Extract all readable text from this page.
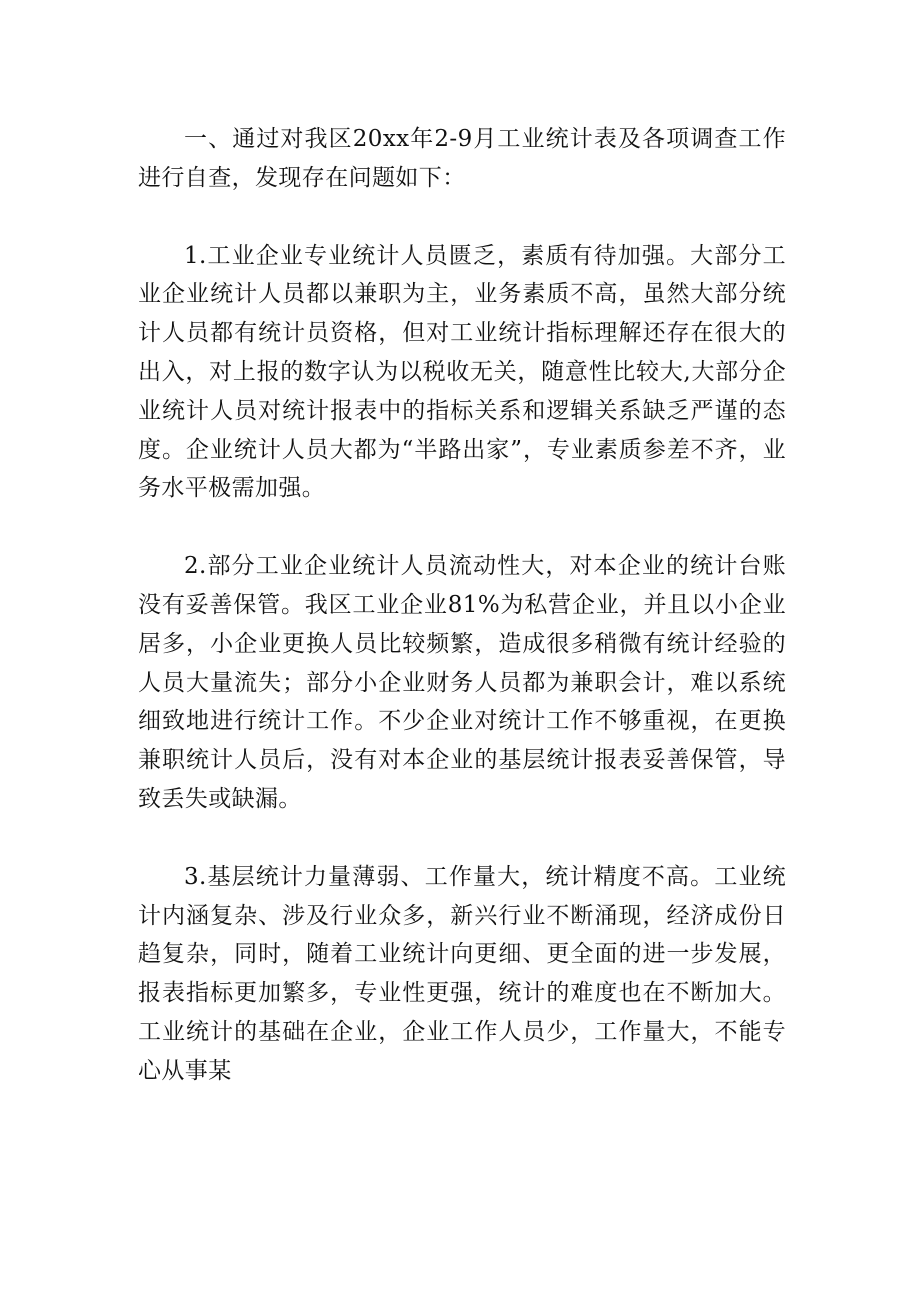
一、通过对我区20xx年2-9月工业统计表及各项调查工作进行自查，发现存在问题如下：

1.工业企业专业统计人员匮乏，素质有待加强。大部分工业企业统计人员都以兼职为主，业务素质不高，虽然大部分统计人员都有统计员资格，但对工业统计指标理解还存在很大的出入，对上报的数字认为以税收无关，随意性比较大,大部分企业统计人员对统计报表中的指标关系和逻辑关系缺乏严谨的态度。企业统计人员大都为“半路出家”，专业素质参差不齐，业务水平极需加强。

2.部分工业企业统计人员流动性大，对本企业的统计台账没有妥善保管。我区工业企业81%为私营企业，并且以小企业居多，小企业更换人员比较频繁，造成很多稍微有统计经验的人员大量流失；部分小企业财务人员都为兼职会计，难以系统细致地进行统计工作。不少企业对统计工作不够重视，在更换兼职统计人员后，没有对本企业的基层统计报表妥善保管，导致丢失或缺漏。

3.基层统计力量薄弱、工作量大，统计精度不高。工业统计内涵复杂、涉及行业众多，新兴行业不断涌现，经济成份日趋复杂，同时，随着工业统计向更细、更全面的进一步发展，报表指标更加繁多，专业性更强，统计的难度也在不断加大。工业统计的基础在企业，企业工作人员少，工作量大，不能专心从事某
